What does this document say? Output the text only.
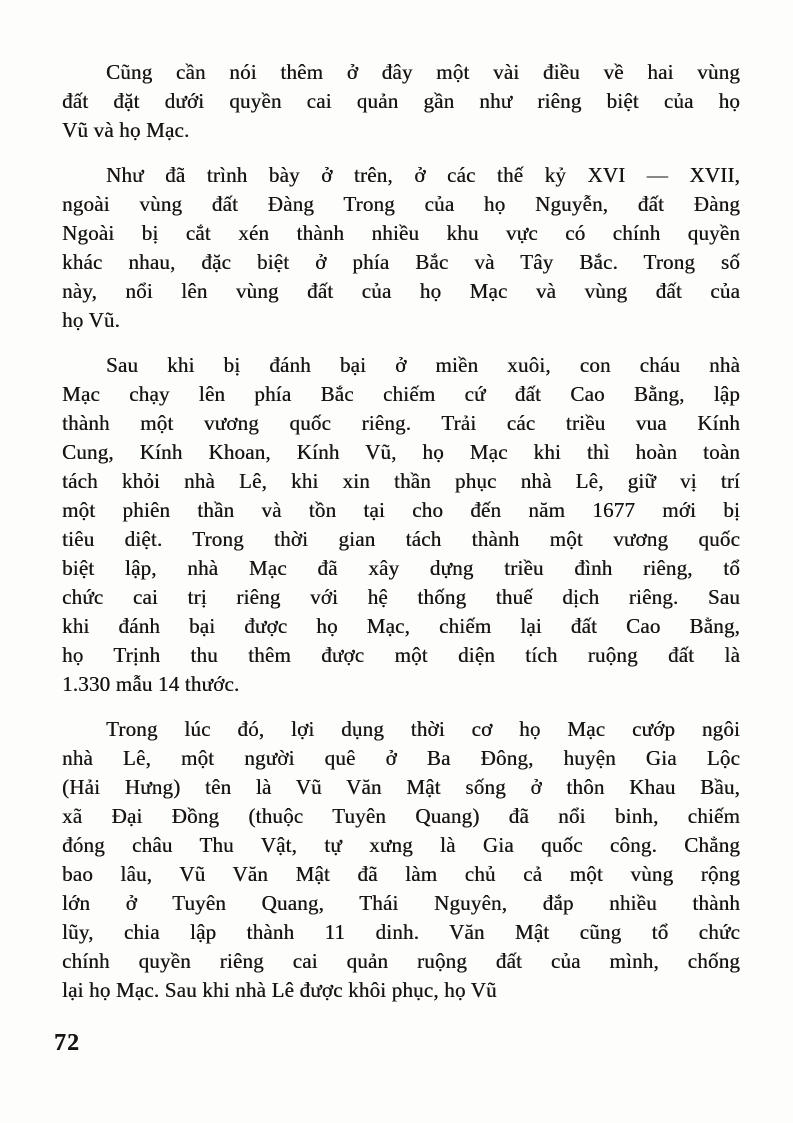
Cũng cần nói thêm ở đây một vài điều về hai vùng
đất đặt dưới quyền cai quản gần như riêng biệt của họ
Vũ và họ Mạc.
Như đã trình bày ở trên, ở các thế kỷ XVI — XVII,
ngoài vùng đất Đàng Trong của họ Nguyễn, đất Đàng
Ngoài bị cắt xén thành nhiều khu vực có chính quyền
khác nhau, đặc biệt ở phía Bắc và Tây Bắc. Trong số
này, nổi lên vùng đất của họ Mạc và vùng đất của
họ Vũ.
Sau khi bị đánh bại ở miền xuôi, con cháu nhà
Mạc chạy lên phía Bắc chiếm cứ đất Cao Bằng, lập
thành một vương quốc riêng. Trải các triều vua Kính
Cung, Kính Khoan, Kính Vũ, họ Mạc khi thì hoàn toàn
tách khỏi nhà Lê, khi xin thần phục nhà Lê, giữ vị trí
một phiên thần và tồn tại cho đến năm 1677 mới bị
tiêu diệt. Trong thời gian tách thành một vương quốc
biệt lập, nhà Mạc đã xây dựng triều đình riêng, tổ
chức cai trị riêng với hệ thống thuế dịch riêng. Sau
khi đánh bại được họ Mạc, chiếm lại đất Cao Bằng,
họ Trịnh thu thêm được một diện tích ruộng đất là
1.330 mẫu 14 thước.
Trong lúc đó, lợi dụng thời cơ họ Mạc cướp ngôi
nhà Lê, một người quê ở Ba Đông, huyện Gia Lộc
(Hải Hưng) tên là Vũ Văn Mật sống ở thôn Khau Bầu,
xã Đại Đồng (thuộc Tuyên Quang) đã nổi binh, chiếm
đóng châu Thu Vật, tự xưng là Gia quốc công. Chẳng
bao lâu, Vũ Văn Mật đã làm chủ cả một vùng rộng
lớn ở Tuyên Quang, Thái Nguyên, đắp nhiều thành
lũy, chia lập thành 11 dinh. Văn Mật cũng tổ chức
chính quyền riêng cai quản ruộng đất của mình, chống
lại họ Mạc. Sau khi nhà Lê được khôi phục, họ Vũ
72
